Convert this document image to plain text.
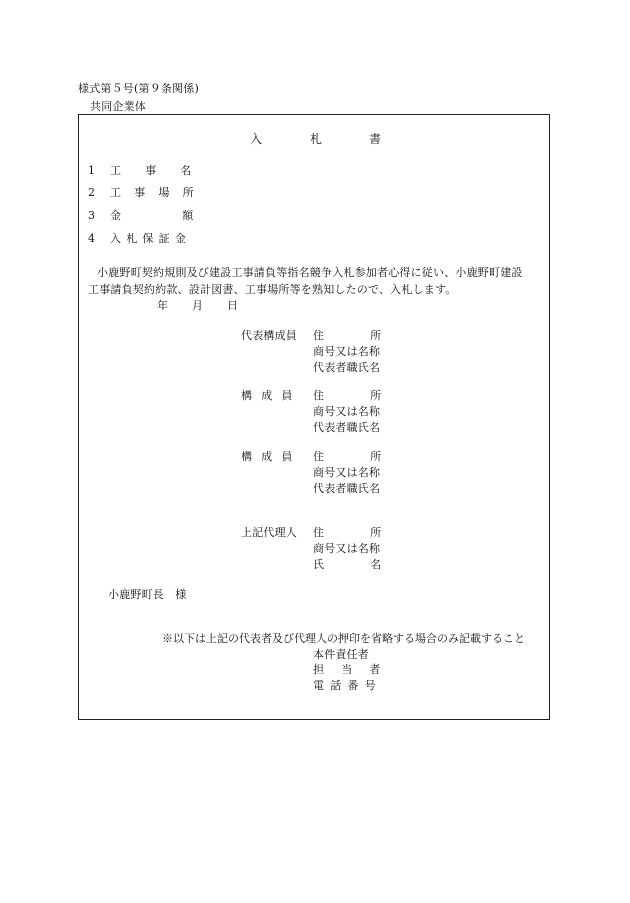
様式第５号(第９条関係)
共同企業体
入	札	書
1 工 事 名
2 工 事 場 所
3 金	額
4 入 札 保 証 金
小鹿野町契約規則及び建設工事請負等指名競争入札参加者心得に従い、小鹿野町建設
工事請負契約約款、設計図書、工事場所等を熟知したので、入札します。
年 月 日
代表構成員 住	所
商号又は名称
代表者職氏名
構 成 員 住	所
商号又は名称
代表者職氏名
構 成 員 住	所
商号又は名称
代表者職氏名
上記代理人 住	所
商号又は名称
氏	名
小鹿野町長　様
※以下は上記の代表者及び代理人の押印を省略する場合のみ記載すること
本件責任者
担 当 者
電 話 番 号
